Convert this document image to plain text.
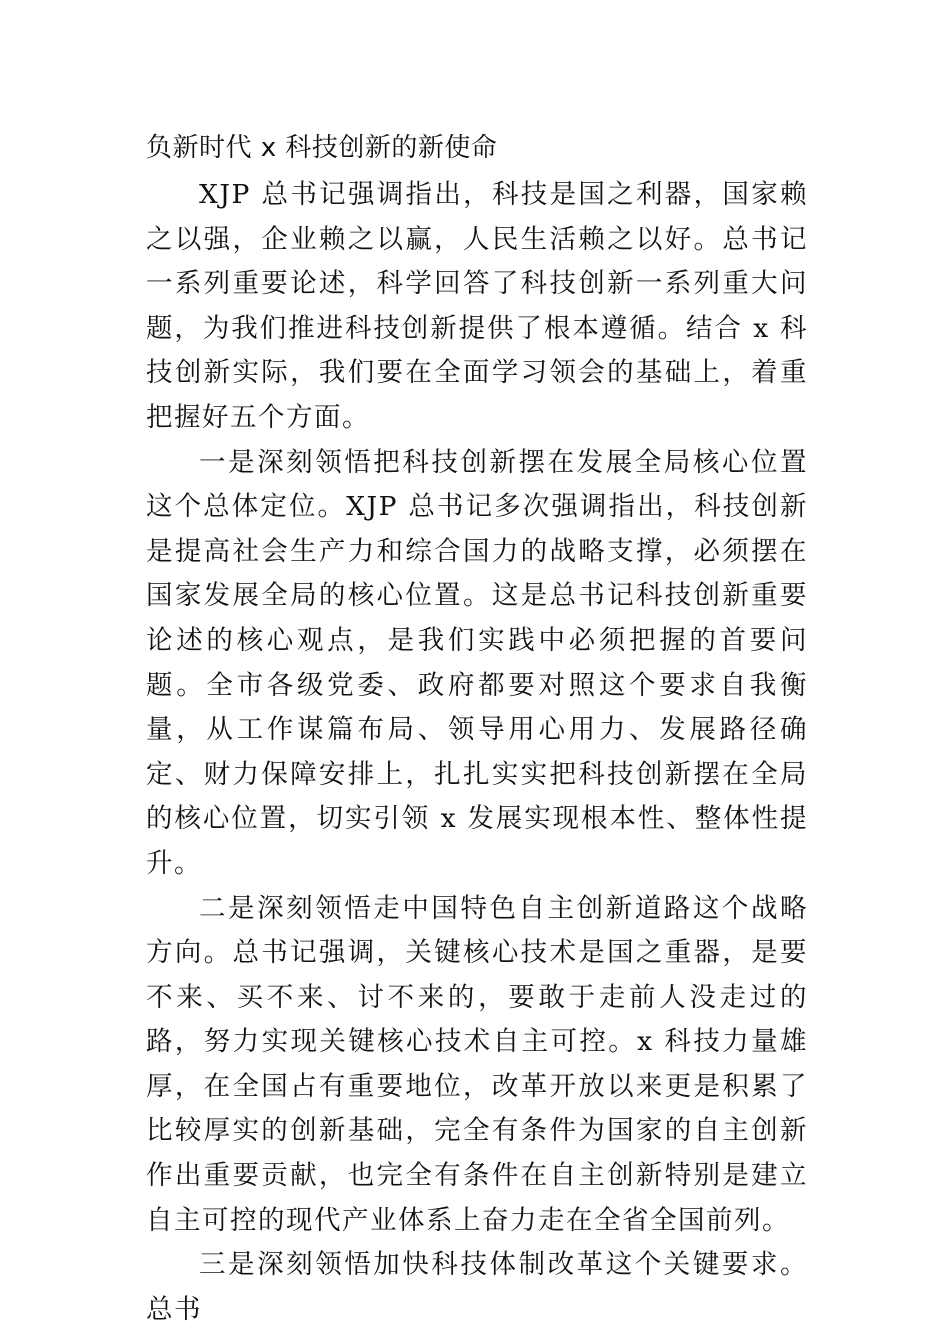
负新时代 x 科技创新的新使命

XJP 总书记强调指出，科技是国之利器，国家赖之以强，企业赖之以赢，人民生活赖之以好。总书记一系列重要论述，科学回答了科技创新一系列重大问题，为我们推进科技创新提供了根本遵循。结合 x 科技创新实际，我们要在全面学习领会的基础上，着重把握好五个方面。

一是深刻领悟把科技创新摆在发展全局核心位置这个总体定位。XJP 总书记多次强调指出，科技创新是提高社会生产力和综合国力的战略支撑，必须摆在国家发展全局的核心位置。这是总书记科技创新重要论述的核心观点，是我们实践中必须把握的首要问题。全市各级党委、政府都要对照这个要求自我衡量，从工作谋篇布局、领导用心用力、发展路径确定、财力保障安排上，扎扎实实把科技创新摆在全局的核心位置，切实引领 x 发展实现根本性、整体性提升。

二是深刻领悟走中国特色自主创新道路这个战略方向。总书记强调，关键核心技术是国之重器，是要不来、买不来、讨不来的，要敢于走前人没走过的路，努力实现关键核心技术自主可控。x 科技力量雄厚，在全国占有重要地位，改革开放以来更是积累了比较厚实的创新基础，完全有条件为国家的自主创新作出重要贡献，也完全有条件在自主创新特别是建立自主可控的现代产业体系上奋力走在全省全国前列。

三是深刻领悟加快科技体制改革这个关键要求。总书
